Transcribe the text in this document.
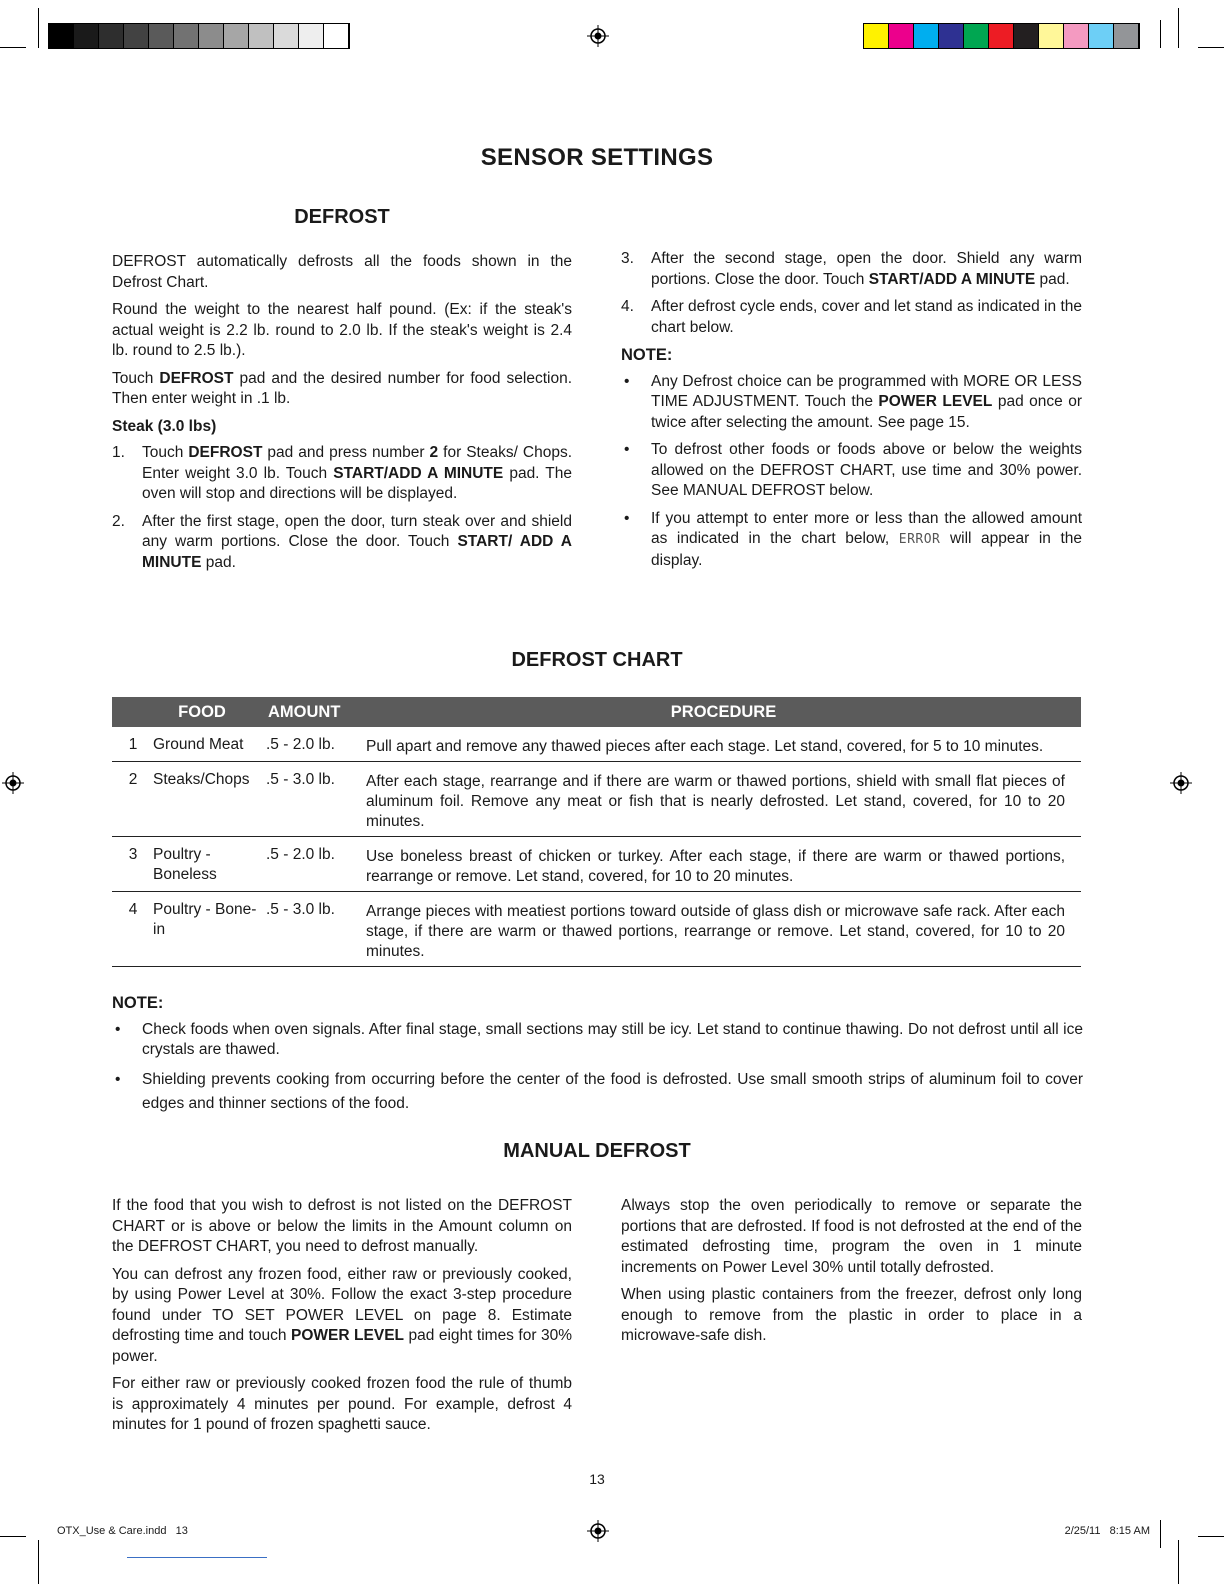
SENSOR SETTINGS
DEFROST

DEFROST automatically defrosts all the foods shown in the Defrost Chart.

Round the weight to the nearest half pound. (Ex: if the steak's actual weight is 2.2 lb. round to 2.0 lb. If the steak's weight is 2.4 lb. round to 2.5 lb.).

Touch DEFROST pad and the desired number for food selection. Then enter weight in .1 lb.

Steak (3.0 lbs)
1. Touch DEFROST pad and press number 2 for Steaks/ Chops. Enter weight 3.0 lb. Touch START/ADD A MINUTE pad. The oven will stop and directions will be displayed.
2. After the first stage, open the door, turn steak over and shield any warm portions. Close the door. Touch START/ ADD A MINUTE pad.
3. After the second stage, open the door. Shield any warm portions. Close the door. Touch START/ADD A MINUTE pad.
4. After defrost cycle ends, cover and let stand as indicated in the chart below.
NOTE:
• Any Defrost choice can be programmed with MORE OR LESS TIME ADJUSTMENT. Touch the POWER LEVEL pad once or twice after selecting the amount. See page 15.
• To defrost other foods or foods above or below the weights allowed on the DEFROST CHART, use time and 30% power. See MANUAL DEFROST below.
• If you attempt to enter more or less than the allowed amount as indicated in the chart below, ERROR will appear in the display.
DEFROST CHART
FOOD		AMOUNT	PROCEDURE
1	Ground Meat	.5 - 2.0 lb.	Pull apart and remove any thawed pieces after each stage. Let stand, covered, for 5 to 10 minutes.
2	Steaks/Chops	.5 - 3.0 lb.	After each stage, rearrange and if there are warm or thawed portions, shield with small flat pieces of aluminum foil. Remove any meat or fish that is nearly defrosted. Let stand, covered, for 10 to 20 minutes.
3	Poultry - Boneless	.5 - 2.0 lb.	Use boneless breast of chicken or turkey. After each stage, if there are warm or thawed portions, rearrange or remove. Let stand, covered, for 10 to 20 minutes.
4	Poultry - Bone-in	.5 - 3.0 lb.	Arrange pieces with meatiest portions toward outside of glass dish or microwave safe rack. After each stage, if there are warm or thawed portions, rearrange or remove. Let stand, covered, for 10 to 20 minutes.
NOTE:
• Check foods when oven signals. After final stage, small sections may still be icy. Let stand to continue thawing. Do not defrost until all ice crystals are thawed.
• Shielding prevents cooking from occurring before the center of the food is defrosted. Use small smooth strips of aluminum foil to cover edges and thinner sections of the food.
MANUAL DEFROST

If the food that you wish to defrost is not listed on the DEFROST CHART or is above or below the limits in the Amount column on the DEFROST CHART, you need to defrost manually.

You can defrost any frozen food, either raw or previously cooked, by using Power Level at 30%. Follow the exact 3-step procedure found under TO SET POWER LEVEL on page 8. Estimate defrosting time and touch POWER LEVEL pad eight times for 30% power.

For either raw or previously cooked frozen food the rule of thumb is approximately 4 minutes per pound. For example, defrost 4 minutes for 1 pound of frozen spaghetti sauce.

Always stop the oven periodically to remove or separate the portions that are defrosted. If food is not defrosted at the end of the estimated defrosting time, program the oven in 1 minute increments on Power Level 30% until totally defrosted.

When using plastic containers from the freezer, defrost only long enough to remove from the plastic in order to place in a microwave-safe dish.

13
OTX_Use & Care.indd   13	2/25/11   8:15 AM
